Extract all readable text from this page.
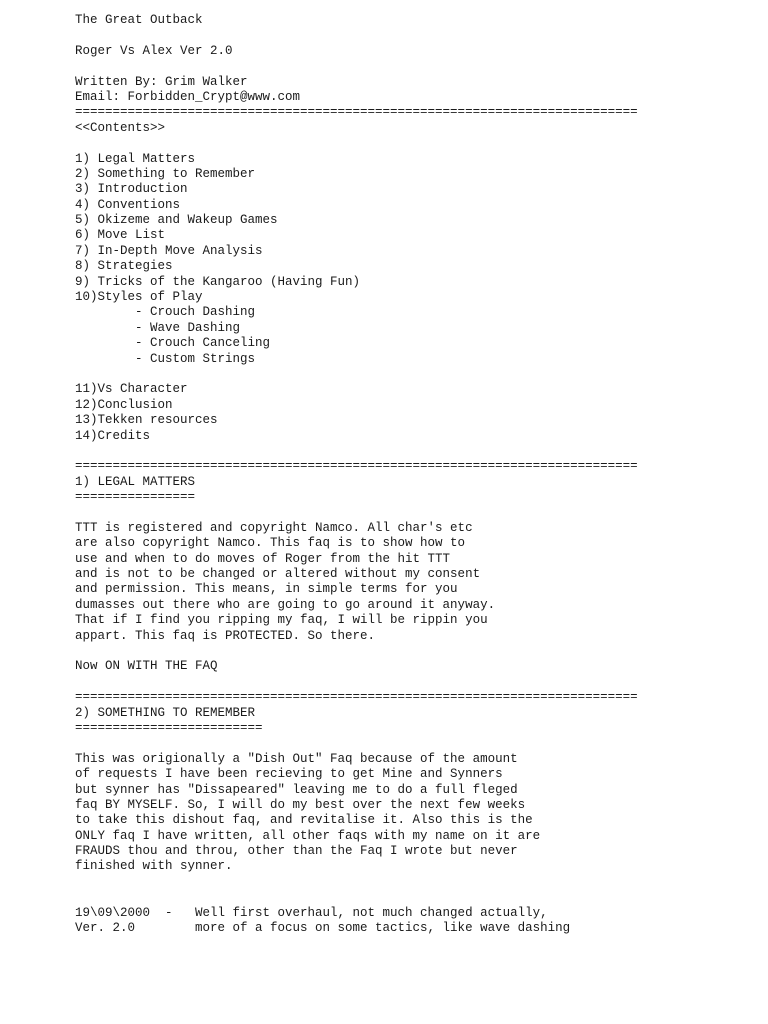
The Great Outback
Roger Vs Alex Ver 2.0
Written By: Grim Walker
Email: Forbidden_Crypt@www.com
===========================================================================
<<Contents>>
1) Legal Matters
2) Something to Remember
3) Introduction
4) Conventions
5) Okizeme and Wakeup Games
6) Move List
7) In-Depth Move Analysis
8) Strategies
9) Tricks of the Kangaroo (Having Fun)
10)Styles of Play
- Crouch Dashing
- Wave Dashing
- Crouch Canceling
- Custom Strings
11)Vs Character
12)Conclusion
13)Tekken resources
14)Credits
===========================================================================
1) LEGAL MATTERS
================
TTT is registered and copyright Namco. All char's etc
are also copyright Namco. This faq is to show how to
use and when to do moves of Roger from the hit TTT
and is not to be changed or altered without my consent
and permission. This means, in simple terms for you
dumasses out there who are going to go around it anyway.
That if I find you ripping my faq, I will be rippin you
appart. This faq is PROTECTED. So there.
Now ON WITH THE FAQ
===========================================================================
2) SOMETHING TO REMEMBER
=========================
This was origionally a "Dish Out" Faq because of the amount
of requests I have been recieving to get Mine and Synners
but synner has "Dissapeared" leaving me to do a full fleged
faq BY MYSELF. So, I will do my best over the next few weeks
to take this dishout faq, and revitalise it. Also this is the
ONLY faq I have written, all other faqs with my name on it are
FRAUDS thou and throu, other than the Faq I wrote but never
finished with synner.
19\09\2000  -   Well first overhaul, not much changed actually,
Ver. 2.0        more of a focus on some tactics, like wave dashing
